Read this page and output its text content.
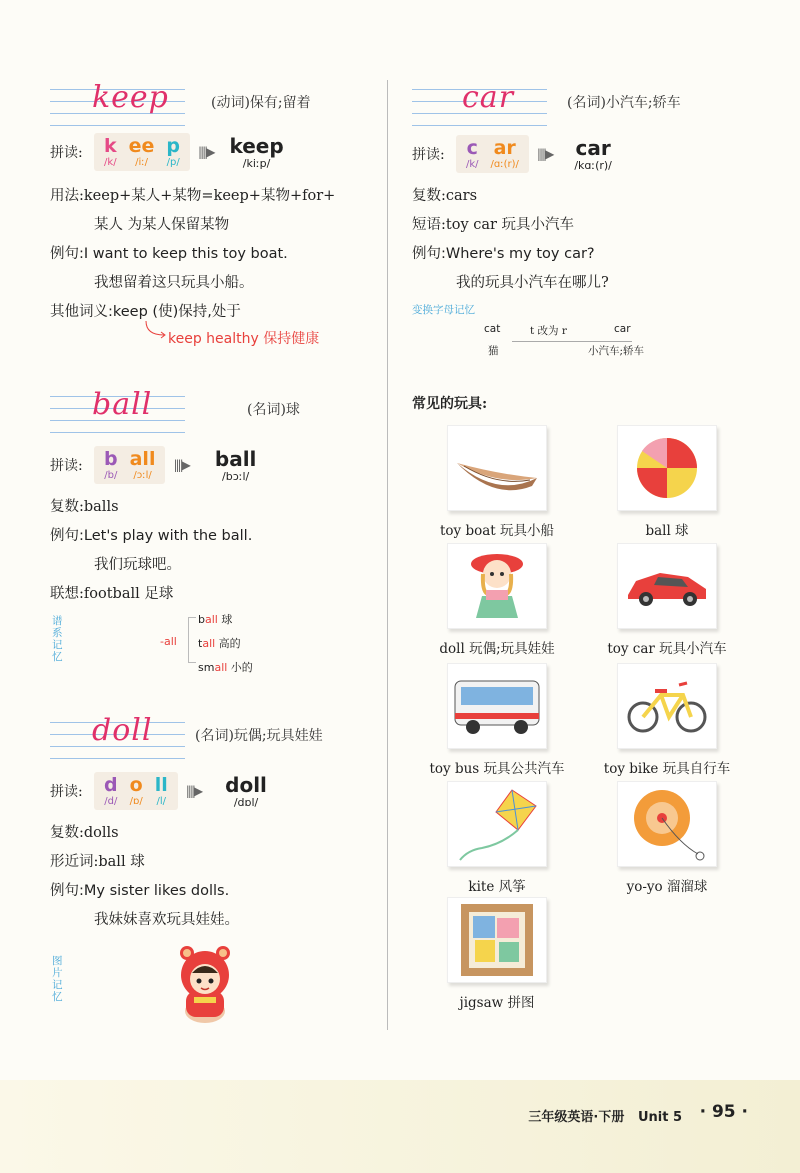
keep	(动词)保有;留着
拼读:	k
/k/
ee
/iː/
p
/p/
||||▶ keep
/kiːp/
用法:keep+某人+某物=keep+某物+for+
某人 为某人保留某物
例句:I want to keep this toy boat.
我想留着这只玩具小船。
其他词义:keep (使)保持,处于
keep healthy 保持健康
ball	(名词)球
拼读:	b
/b/
all
/ɔːl/
||||▶ ball
/bɔːl/
复数:balls
例句:Let's play with the ball.
我们玩球吧。
联想:football 足球
谱系记忆
-all
ball 球
tall 高的
small 小的
doll	(名词)玩偶;玩具娃娃
拼读:	d
/d/
o
/ɒ/
ll
/l/
||||▶ doll
/dɒl/
复数:dolls
形近词:ball 球
例句:My sister likes dolls.
我妹妹喜欢玩具娃娃。
图片记忆
car	(名词)小汽车;轿车
拼读:	c
/k/
ar
/ɑː(r)/
||||▶ car
/kɑː(r)/
复数:cars
短语:toy car 玩具小汽车
例句:Where's my toy car?
我的玩具小汽车在哪儿?
变换字母记忆
cat
猫
t 改为 r	car
小汽车;轿车
常见的玩具:
toy boat 玩具小船	ball 球
doll 玩偶;玩具娃娃	toy car 玩具小汽车
toy bus 玩具公共汽车	toy bike 玩具自行车
kite 风筝	yo-yo 溜溜球
jigsaw 拼图
三年级英语·下册 Unit 5 · 95 ·
